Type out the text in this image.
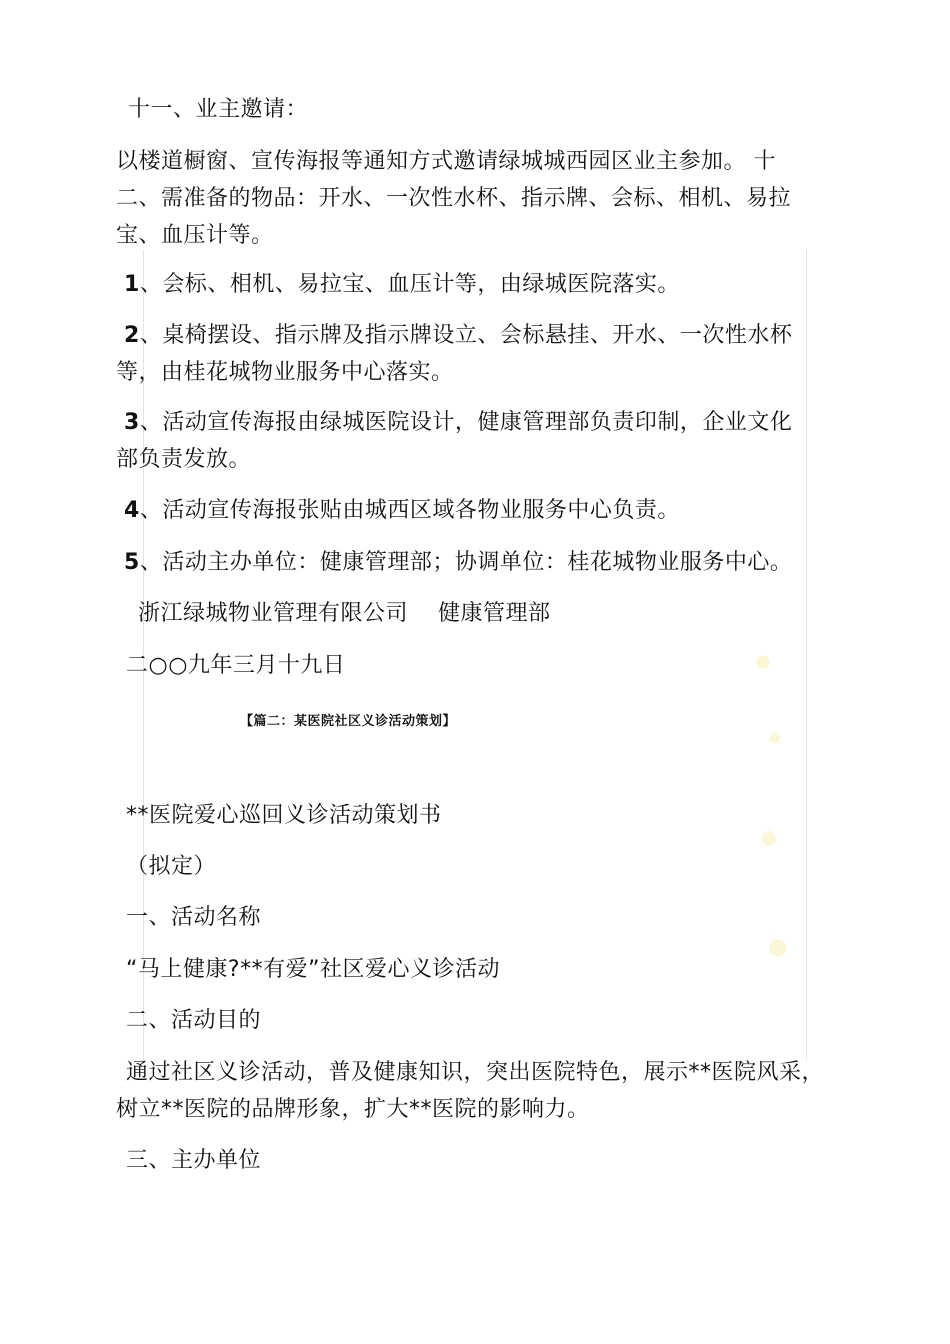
十一、业主邀请：
以楼道橱窗、宣传海报等通知方式邀请绿城城西园区业主参加。 十
二、需准备的物品：开水、一次性水杯、指示牌、会标、相机、易拉
宝、血压计等。
1、会标、相机、易拉宝、血压计等，由绿城医院落实。
2、桌椅摆设、指示牌及指示牌设立、会标悬挂、开水、一次性水杯
等，由桂花城物业服务中心落实。
3、活动宣传海报由绿城医院设计，健康管理部负责印制，企业文化
部负责发放。
4、活动宣传海报张贴由城西区域各物业服务中心负责。
5、活动主办单位：健康管理部；协调单位：桂花城物业服务中心。
浙江绿城物业管理有限公司    健康管理部
二○○九年三月十九日
【篇二：某医院社区义诊活动策划】
**医院爱心巡回义诊活动策划书
（拟定）
一、活动名称
“马上健康?**有爱”社区爱心义诊活动
二、活动目的
通过社区义诊活动，普及健康知识，突出医院特色，展示**医院风采，
树立**医院的品牌形象，扩大**医院的影响力。
三、主办单位
